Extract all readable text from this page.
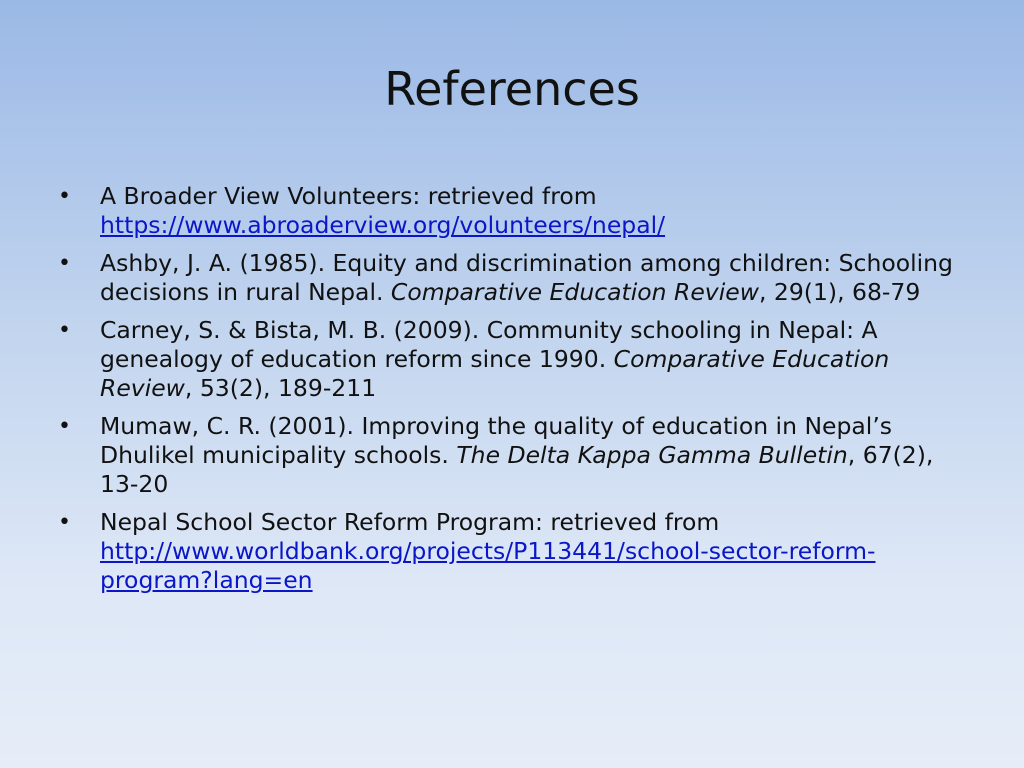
References
• A Broader View Volunteers: retrieved from
https://www.abroaderview.org/volunteers/nepal/
• Ashby, J. A. (1985). Equity and discrimination among children: Schooling decisions in rural Nepal. Comparative Education Review, 29(1), 68-79
• Carney, S. & Bista, M. B. (2009). Community schooling in Nepal: A genealogy of education reform since 1990. Comparative Education Review, 53(2), 189-211
• Mumaw, C. R. (2001). Improving the quality of education in Nepal’s Dhulikel municipality schools. The Delta Kappa Gamma Bulletin, 67(2), 13-20
• Nepal School Sector Reform Program: retrieved from
http://www.worldbank.org/projects/P113441/school-sector-reform-program?lang=en
